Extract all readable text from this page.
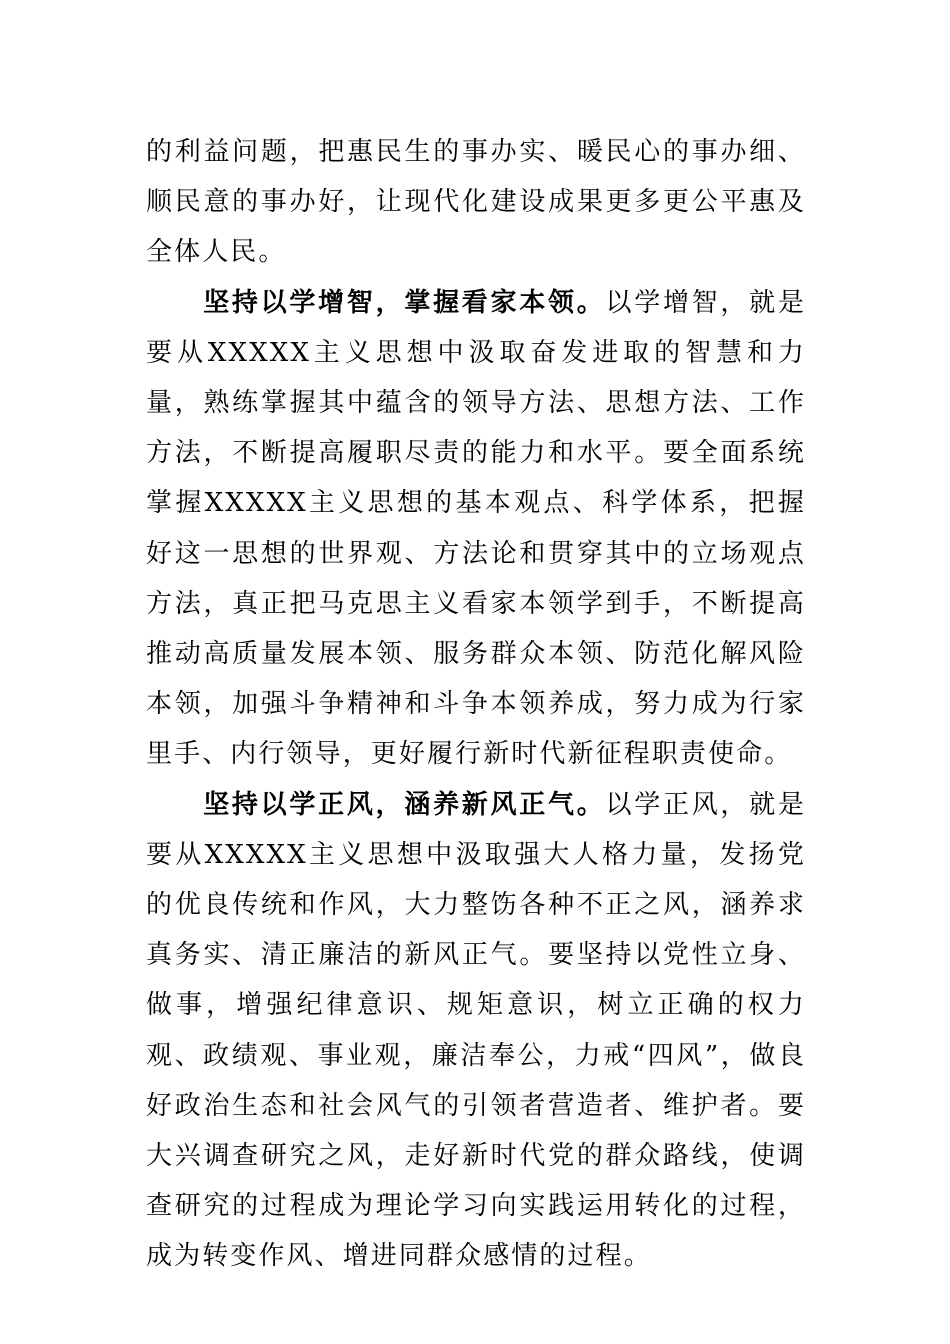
的利益问题，把惠民生的事办实、暖民心的事办细、顺民意的事办好，让现代化建设成果更多更公平惠及全体人民。

坚持以学增智，掌握看家本领。以学增智，就是要从XXXXX主义思想中汲取奋发进取的智慧和力量，熟练掌握其中蕴含的领导方法、思想方法、工作方法，不断提高履职尽责的能力和水平。要全面系统掌握XXXXX主义思想的基本观点、科学体系，把握好这一思想的世界观、方法论和贯穿其中的立场观点方法，真正把马克思主义看家本领学到手，不断提高推动高质量发展本领、服务群众本领、防范化解风险本领，加强斗争精神和斗争本领养成，努力成为行家里手、内行领导，更好履行新时代新征程职责使命。

坚持以学正风，涵养新风正气。以学正风，就是要从XXXXX主义思想中汲取强大人格力量，发扬党的优良传统和作风，大力整饬各种不正之风，涵养求真务实、清正廉洁的新风正气。要坚持以党性立身、做事，增强纪律意识、规矩意识，树立正确的权力观、政绩观、事业观，廉洁奉公，力戒“四风”，做良好政治生态和社会风气的引领者营造者、维护者。要大兴调查研究之风，走好新时代党的群众路线，使调查研究的过程成为理论学习向实践运用转化的过程，成为转变作风、增进同群众感情的过程。
